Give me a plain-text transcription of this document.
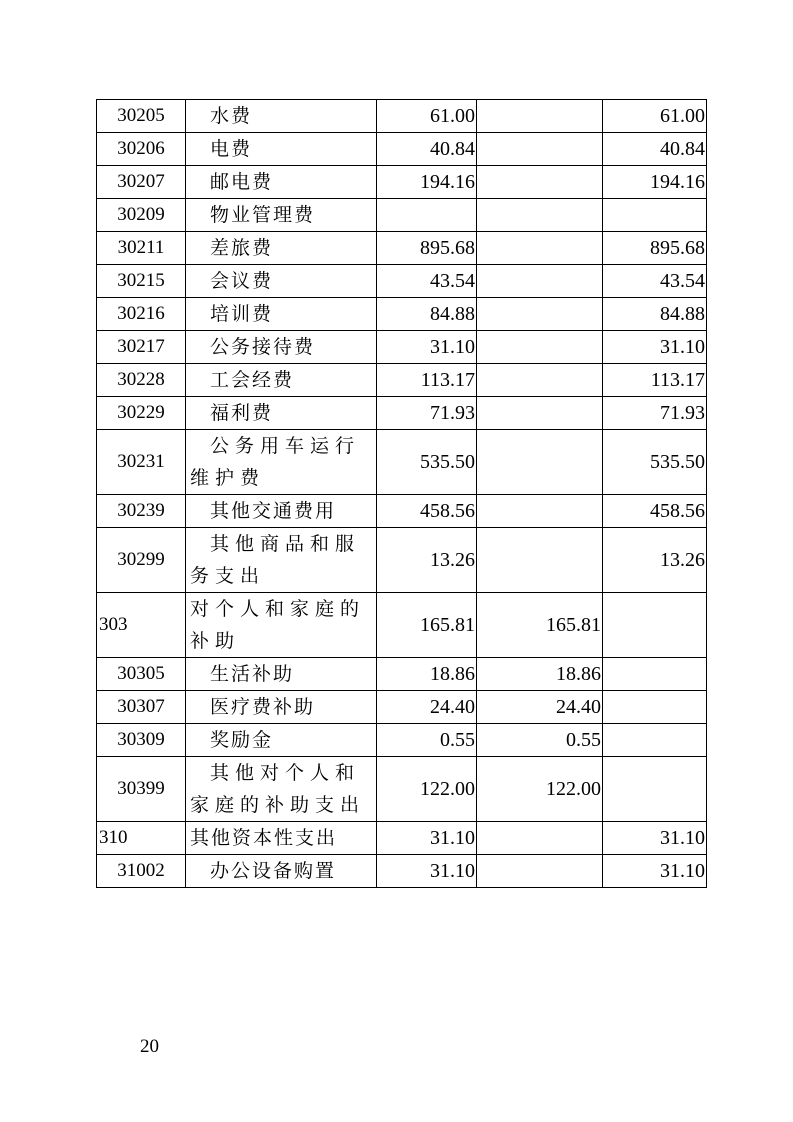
30205	水费	61.00		61.00
30206	电费	40.84		40.84
30207	邮电费	194.16		194.16
30209	物业管理费			
30211	差旅费	895.68		895.68
30215	会议费	43.54		43.54
30216	培训费	84.88		84.88
30217	公务接待费	31.10		31.10
30228	工会经费	113.17		113.17
30229	福利费	71.93		71.93
30231	公务用车运行维护费	535.50		535.50
30239	其他交通费用	458.56		458.56
30299	其他商品和服务支出	13.26		13.26
303	对个人和家庭的补助	165.81	165.81	
30305	生活补助	18.86	18.86	
30307	医疗费补助	24.40	24.40	
30309	奖励金	0.55	0.55	
30399	其他对个人和家庭的补助支出	122.00	122.00	
310	其他资本性支出	31.10		31.10
31002	办公设备购置	31.10		31.10
20
